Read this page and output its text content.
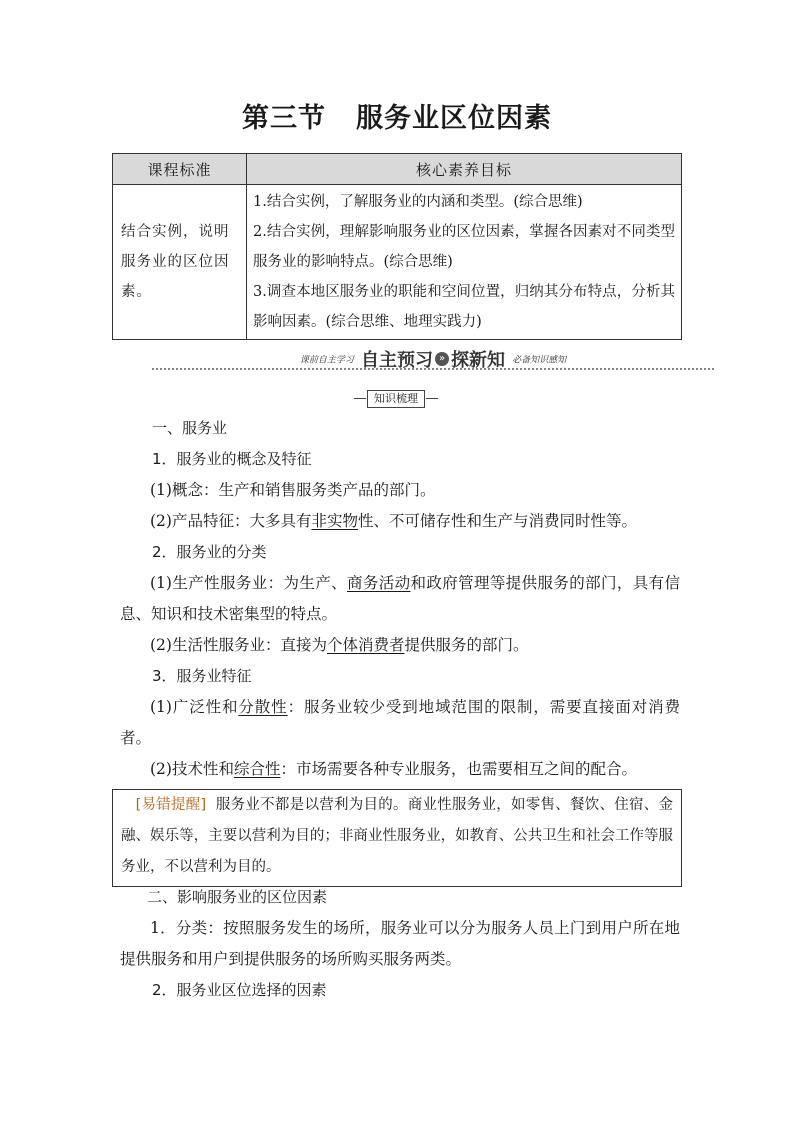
第三节 服务业区位因素
课程标准	核心素养目标
结合实例，说明服务业的区位因素。	1.结合实例，了解服务业的内涵和类型。(综合思维)
2.结合实例，理解影响服务业的区位因素，掌握各因素对不同类型服务业的影响特点。(综合思维)
3.调查本地区服务业的职能和空间位置，归纳其分布特点，分析其影响因素。(综合思维、地理实践力)
课前自主学习 自主预习 » 探新知 必备知识感知
知识梳理
一、服务业
1．服务业的概念及特征
(1)概念：生产和销售服务类产品的部门。
(2)产品特征：大多具有非实物性、不可储存性和生产与消费同时性等。
2．服务业的分类
(1)生产性服务业：为生产、商务活动和政府管理等提供服务的部门，具有信息、知识和技术密集型的特点。
(2)生活性服务业：直接为个体消费者提供服务的部门。
3．服务业特征
(1)广泛性和分散性：服务业较少受到地域范围的限制，需要直接面对消费者。
(2)技术性和综合性：市场需要各种专业服务，也需要相互之间的配合。
[易错提醒] 服务业不都是以营利为目的。商业性服务业，如零售、餐饮、住宿、金融、娱乐等，主要以营利为目的；非商业性服务业，如教育、公共卫生和社会工作等服务业，不以营利为目的。
二、影响服务业的区位因素
1．分类：按照服务发生的场所，服务业可以分为服务人员上门到用户所在地提供服务和用户到提供服务的场所购买服务两类。
2．服务业区位选择的因素
